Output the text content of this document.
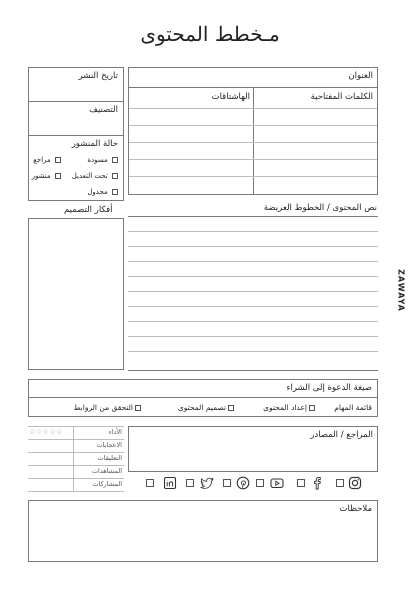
مـخطط المحتوى
ZAWAYA
تاريخ النشر
التصنيف
حالة المنشور
مسودة
مراجع
تحت التعديل
منشور
مجدول
العنوان
الكلمات المفتاحية
الهاشتاقات
أفكار التصميم	نص المحتوى / الخطوط العريضة
صيغة الدعوة إلى الشراء
قائمة المهام
إعداد المحتوى
تصميم المحتوى
التحقق من الروابط
☆☆☆☆☆	الأداء
الاعجابات
التعليقات
المشاهدات
المشاركات
المراجع / المصادر
ملاحظات
